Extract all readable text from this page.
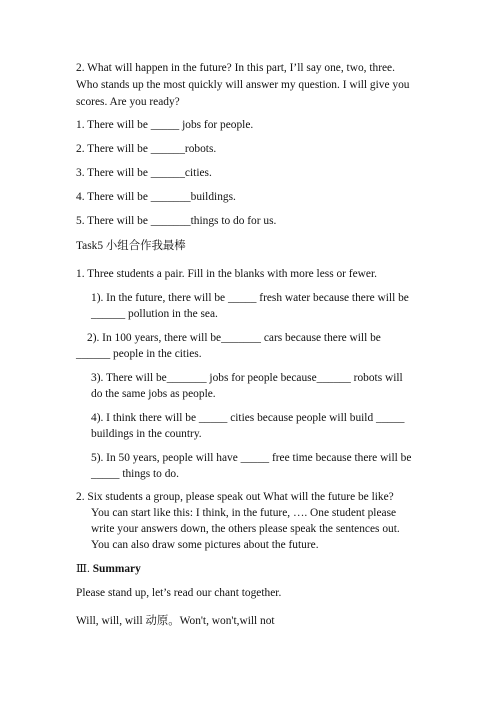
2. What will happen in the future? In this part, I’ll say one, two, three.
Who stands up the most quickly will answer my question. I will give you
scores. Are you ready?
1. There will be _____ jobs for people.
2. There will be ______robots.
3. There will be ______cities.
4. There will be _______buildings.
5. There will be _______things to do for us.
Task5 小组合作我最棒
1. Three students a pair. Fill in the blanks with more less or fewer.
1). In the future, there will be _____ fresh water because there will be
______ pollution in the sea.
2). In 100 years, there will be_______ cars because there will be
______ people in the cities.
3). There will be_______ jobs for people because______ robots will
do the same jobs as people.
4). I think there will be _____ cities because people will build _____
buildings in the country.
5). In 50 years, people will have _____ free time because there will be
_____ things to do.
2. Six students a group, please speak out What will the future be like?
You can start like this: I think, in the future, …. One student please
write your answers down, the others please speak the sentences out.
You can also draw some pictures about the future.
Ⅲ. Summary
Please stand up, let’s read our chant together.
Will, will, will 动原。Won't, won't,will not
